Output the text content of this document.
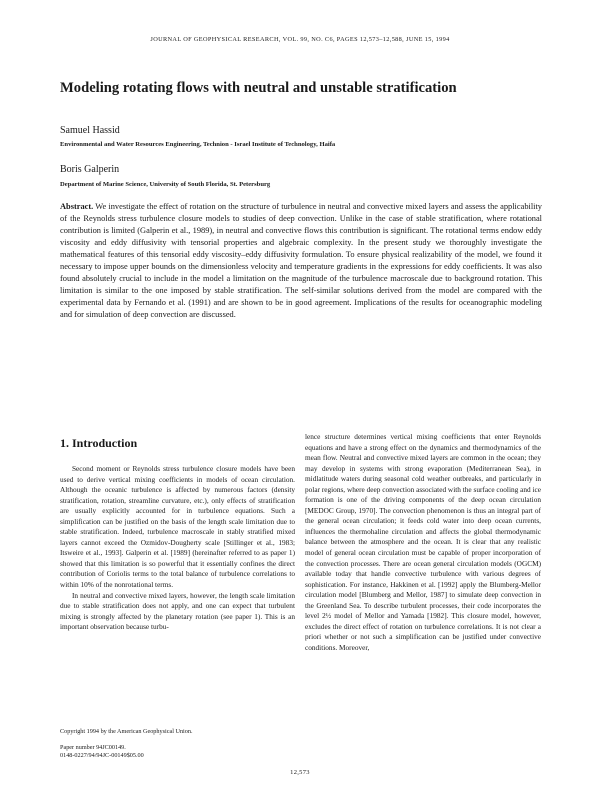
JOURNAL OF GEOPHYSICAL RESEARCH, VOL. 99, NO. C6, PAGES 12,573–12,588, JUNE 15, 1994
Modeling rotating flows with neutral and unstable stratification

Samuel Hassid

Environmental and Water Resources Engineering, Technion - Israel Institute of Technology, Haifa

Boris Galperin

Department of Marine Science, University of South Florida, St. Petersburg

Abstract. We investigate the effect of rotation on the structure of turbulence in neutral and convective mixed layers and assess the applicability of the Reynolds stress turbulence closure models to studies of deep convection. Unlike in the case of stable stratification, where rotational contribution is limited (Galperin et al., 1989), in neutral and convective flows this contribution is significant. The rotational terms endow eddy viscosity and eddy diffusivity with tensorial properties and algebraic complexity. In the present study we thoroughly investigate the mathematical features of this tensorial eddy viscosity–eddy diffusivity formulation. To ensure physical realizability of the model, we found it necessary to impose upper bounds on the dimensionless velocity and temperature gradients in the expressions for eddy coefficients. It was also found absolutely crucial to include in the model a limitation on the magnitude of the turbulence macroscale due to background rotation. This limitation is similar to the one imposed by stable stratification. The self-similar solutions derived from the model are compared with the experimental data by Fernando et al. (1991) and are shown to be in good agreement. Implications of the results for oceanographic modeling and for simulation of deep convection are discussed.

1. Introduction

Second moment or Reynolds stress turbulence closure models have been used to derive vertical mixing coefficients in models of ocean circulation. Although the oceanic turbulence is affected by numerous factors (density stratification, rotation, streamline curvature, etc.), only effects of stratification are usually explicitly accounted for in turbulence equations. Such a simplification can be justified on the basis of the length scale limitation due to stable stratification. Indeed, turbulence macroscale in stably stratified mixed layers cannot exceed the Ozmidov-Dougherty scale [Stillinger et al., 1983; Itsweire et al., 1993]. Galperin et al. [1989] (hereinafter referred to as paper 1) showed that this limitation is so powerful that it essentially confines the direct contribution of Coriolis terms to the total balance of turbulence correlations to within 10% of the nonrotational terms.

In neutral and convective mixed layers, however, the length scale limitation due to stable stratification does not apply, and one can expect that turbulent mixing is strongly affected by the planetary rotation (see paper 1). This is an important observation because turbu-

lence structure determines vertical mixing coefficients that enter Reynolds equations and have a strong effect on the dynamics and thermodynamics of the mean flow. Neutral and convective mixed layers are common in the ocean; they may develop in systems with strong evaporation (Mediterranean Sea), in midlatitude waters during seasonal cold weather outbreaks, and particularly in polar regions, where deep convection associated with the surface cooling and ice formation is one of the driving components of the deep ocean circulation [MEDOC Group, 1970]. The convection phenomenon is thus an integral part of the general ocean circulation; it feeds cold water into deep ocean currents, influences the thermohaline circulation and affects the global thermodynamic balance between the atmosphere and the ocean. It is clear that any realistic model of general ocean circulation must be capable of proper incorporation of the convection processes. There are ocean general circulation models (OGCM) available today that handle convective turbulence with various degrees of sophistication. For instance, Hakkinen et al. [1992] apply the Blumberg-Mellor circulation model [Blumberg and Mellor, 1987] to simulate deep convection in the Greenland Sea. To describe turbulent processes, their code incorporates the level 2½ model of Mellor and Yamada [1982]. This closure model, however, excludes the direct effect of rotation on turbulence correlations. It is not clear a priori whether or not such a simplification can be justified under convective conditions. Moreover,

Copyright 1994 by the American Geophysical Union.
Paper number 94JC00149.
0148-0227/94/94JC-00149$05.00
12,573
